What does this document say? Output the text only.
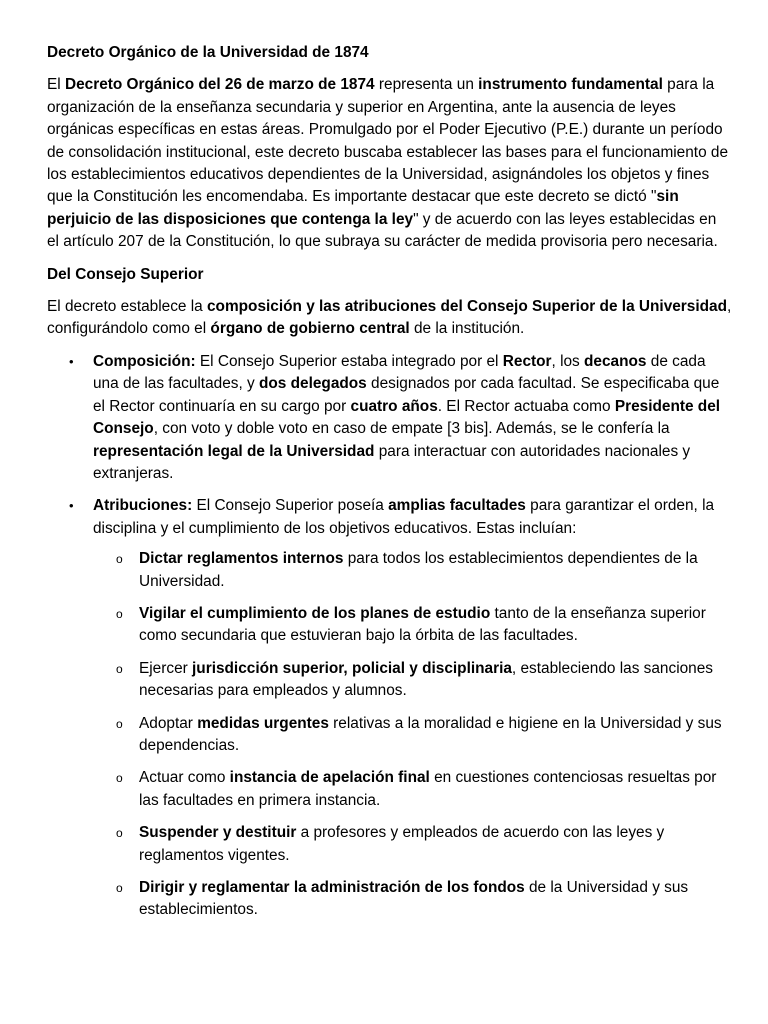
Decreto Orgánico de la Universidad de 1874

El Decreto Orgánico del 26 de marzo de 1874 representa un instrumento fundamental para la organización de la enseñanza secundaria y superior en Argentina, ante la ausencia de leyes orgánicas específicas en estas áreas. Promulgado por el Poder Ejecutivo (P.E.) durante un período de consolidación institucional, este decreto buscaba establecer las bases para el funcionamiento de los establecimientos educativos dependientes de la Universidad, asignándoles los objetos y fines que la Constitución les encomendaba. Es importante destacar que este decreto se dictó "sin perjuicio de las disposiciones que contenga la ley" y de acuerdo con las leyes establecidas en el artículo 207 de la Constitución, lo que subraya su carácter de medida provisoria pero necesaria.

Del Consejo Superior

El decreto establece la composición y las atribuciones del Consejo Superior de la Universidad, configurándolo como el órgano de gobierno central de la institución.

• Composición: El Consejo Superior estaba integrado por el Rector, los decanos de cada una de las facultades, y dos delegados designados por cada facultad. Se especificaba que el Rector continuaría en su cargo por cuatro años. El Rector actuaba como Presidente del Consejo, con voto y doble voto en caso de empate [3 bis]. Además, se le confería la representación legal de la Universidad para interactuar con autoridades nacionales y extranjeras.
• Atribuciones: El Consejo Superior poseía amplias facultades para garantizar el orden, la disciplina y el cumplimiento de los objetivos educativos. Estas incluían:
o Dictar reglamentos internos para todos los establecimientos dependientes de la Universidad.
o Vigilar el cumplimiento de los planes de estudio tanto de la enseñanza superior como secundaria que estuvieran bajo la órbita de las facultades.
o Ejercer jurisdicción superior, policial y disciplinaria, estableciendo las sanciones necesarias para empleados y alumnos.
o Adoptar medidas urgentes relativas a la moralidad e higiene en la Universidad y sus dependencias.
o Actuar como instancia de apelación final en cuestiones contenciosas resueltas por las facultades en primera instancia.
o Suspender y destituir a profesores y empleados de acuerdo con las leyes y reglamentos vigentes.
o Dirigir y reglamentar la administración de los fondos de la Universidad y sus establecimientos.
